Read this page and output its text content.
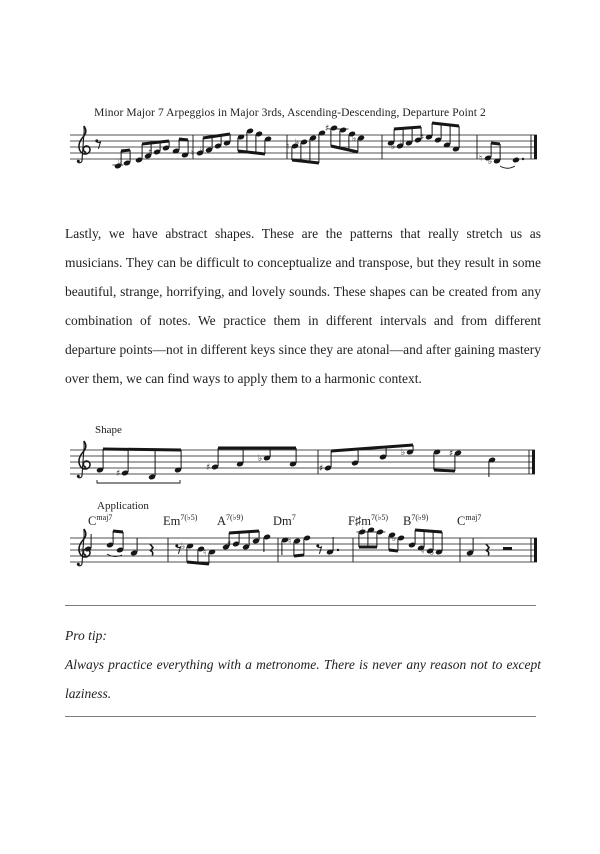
♭
♯	♮ ♭	♮ ♭
♯
♭
♭ ♭
♯
♮ ♭
♯
♯
♭
♯
♭	♯
♭	♭
♮
♯	♮
♭
♭
♮ ♭
Minor Major 7 Arpeggios in Major 3rds, Ascending-Descending, Departure Point 2

Lastly, we have abstract shapes. These are the patterns that really stretch us as musicians. They can be difficult to conceptualize and transpose, but they result in some beautiful, strange, horrifying, and lovely sounds. These shapes can be created from any combination of notes. We practice them in different intervals and from different departure points—not in different keys since they are atonal—and after gaining mastery over them, we can find ways to apply them to a harmonic context.

Shape
Application
$C^{maj7}$	$Em^{7(♭5)}$ $A^{7(♭9)}$ Dm$^7$	$F♯m^{7(♭5)}$ $B^{7(♭9)}$ $C^{maj7}$

Pro tip:

Always practice everything with a metronome. There is never any reason not to except laziness.
